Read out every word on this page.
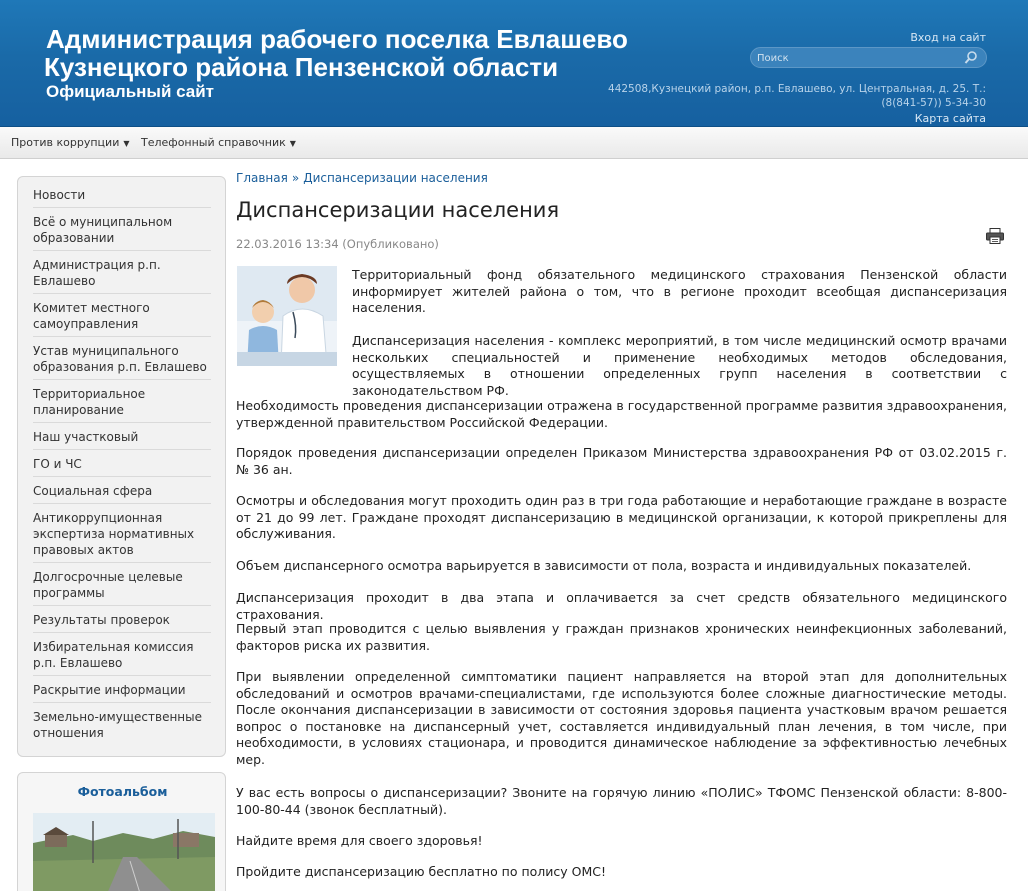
Администрация рабочего поселка Евлашево
Кузнецкого района Пензенской области
Официальный сайт
Вход на сайт
Поиск
442508,Кузнецкий район, р.п. Евлашево, ул. Центральная, д. 25. Т.: (8(841-57)) 5-34-30
Карта сайта
Против коррупции ▼ Телефонный справочник ▼
Новости
Всё о муниципальном образовании
Администрация р.п. Евлашево
Комитет местного самоуправления
Устав муниципального образования р.п. Евлашево
Территориальное планирование
Наш участковый
ГО и ЧС
Социальная сфера
Антикоррупционная экспертиза нормативных правовых актов
Долгосрочные целевые программы
Результаты проверок
Избирательная комиссия р.п. Евлашево
Раскрытие информации
Земельно-имущественные отношения
Фотоальбом
Главная » Диспансеризации населения
Диспансеризации населения
22.03.2016 13:34 (Опубликовано)
Территориальный фонд обязательного медицинского страхования Пензенской области информирует жителей района о том, что в регионе проходит всеобщая диспансеризация населения.
Диспансеризация населения - комплекс мероприятий, в том числе медицинский осмотр врачами нескольких специальностей и применение необходимых методов обследования, осуществляемых в отношении определенных групп населения в соответствии с законодательством РФ.
Необходимость проведения диспансеризации отражена в государственной программе развития здравоохранения, утвержденной правительством Российской Федерации.
Порядок проведения диспансеризации определен Приказом Министерства здравоохранения РФ от 03.02.2015 г. № 36 ан.
Осмотры и обследования могут проходить один раз в три года работающие и неработающие граждане в возрасте от 21 до 99 лет. Граждане проходят диспансеризацию в медицинской организации, к которой прикреплены для обслуживания.
Объем диспансерного осмотра варьируется в зависимости от пола, возраста и индивидуальных показателей.
Диспансеризация проходит в два этапа и оплачивается за счет средств обязательного медицинского страхования.
Первый этап проводится с целью выявления у граждан признаков хронических неинфекционных заболеваний, факторов риска их развития.
При выявлении определенной симптоматики пациент направляется на второй этап для дополнительных обследований и осмотров врачами-специалистами, где используются более сложные диагностические методы. После окончания диспансеризации в зависимости от состояния здоровья пациента участковым врачом решается вопрос о постановке на диспансерный учет, составляется индивидуальный план лечения, в том числе, при необходимости, в условиях стационара, и проводится динамическое наблюдение за эффективностью лечебных мер.
У вас есть вопросы о диспансеризации? Звоните на горячую линию «ПОЛИС» ТФОМС Пензенской области: 8-800-100-80-44 (звонок бесплатный).
Найдите время для своего здоровья!
Пройдите диспансеризацию бесплатно по полису ОМС!
